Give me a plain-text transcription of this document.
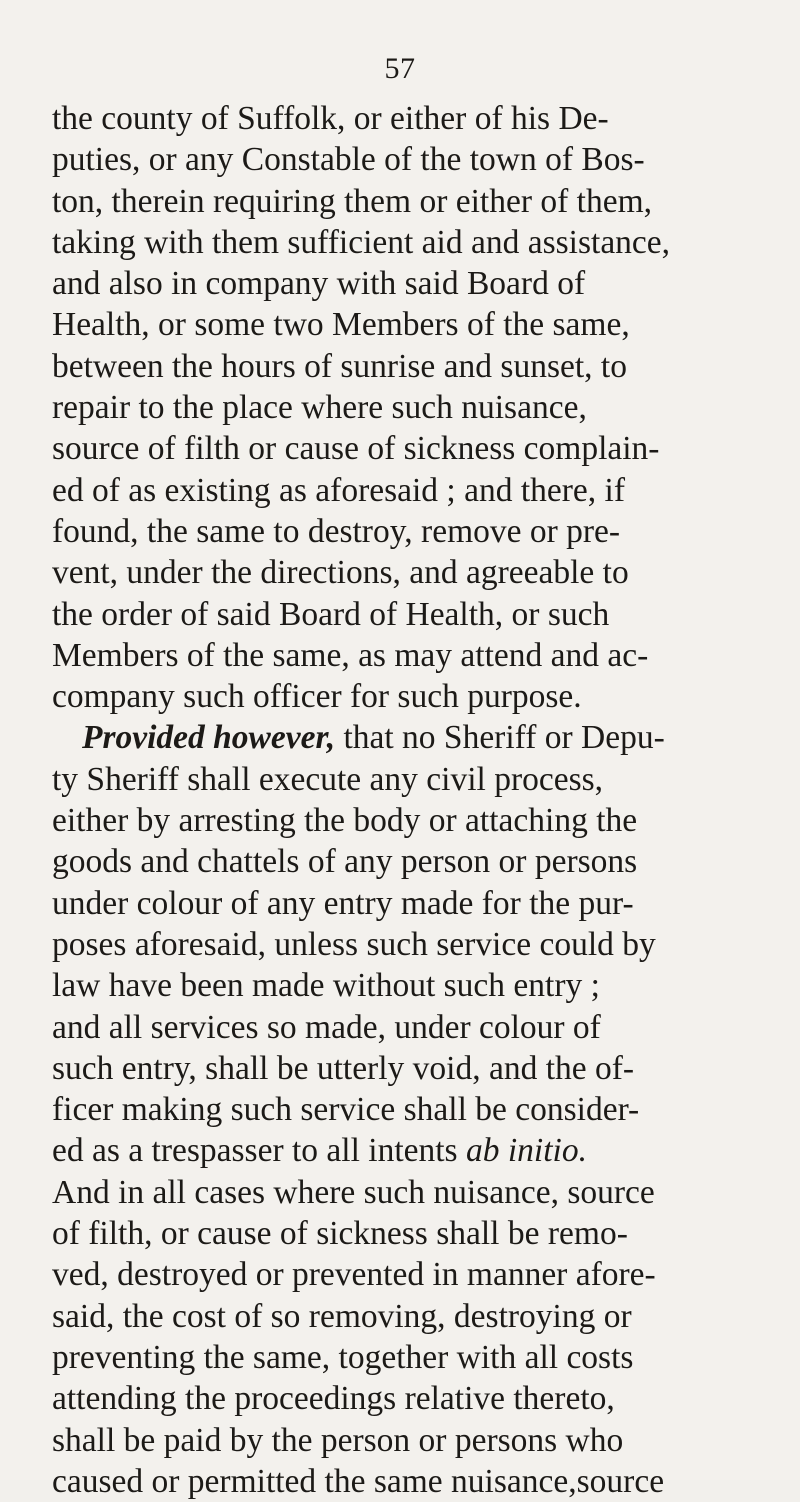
57
the county of Suffolk, or either of his De-
puties, or any Constable of the town of Bos-
ton, therein requiring them or either of them,
taking with them sufficient aid and assistance,
and also in company with said Board of
Health, or some two Members of the same,
between the hours of sunrise and sunset, to
repair to the place where such nuisance,
source of filth or cause of sickness complain-
ed of as existing as aforesaid ; and there, if
found, the same to destroy, remove or pre-
vent, under the directions, and agreeable to
the order of said Board of Health, or such
Members of the same, as may attend and ac-
company such officer for such purpose.
Provided however, that no Sheriff or Depu-
ty Sheriff shall execute any civil process,
either by arresting the body or attaching the
goods and chattels of any person or persons
under colour of any entry made for the pur-
poses aforesaid, unless such service could by
law have been made without such entry ;
and all services so made, under colour of
such entry, shall be utterly void, and the of-
ficer making such service shall be consider-
ed as a trespasser to all intents ab initio.
And in all cases where such nuisance, source
of filth, or cause of sickness shall be remo-
ved, destroyed or prevented in manner afore-
said, the cost of so removing, destroying or
preventing the same, together with all costs
attending the proceedings relative thereto,
shall be paid by the person or persons who
caused or permitted the same nuisance,source
